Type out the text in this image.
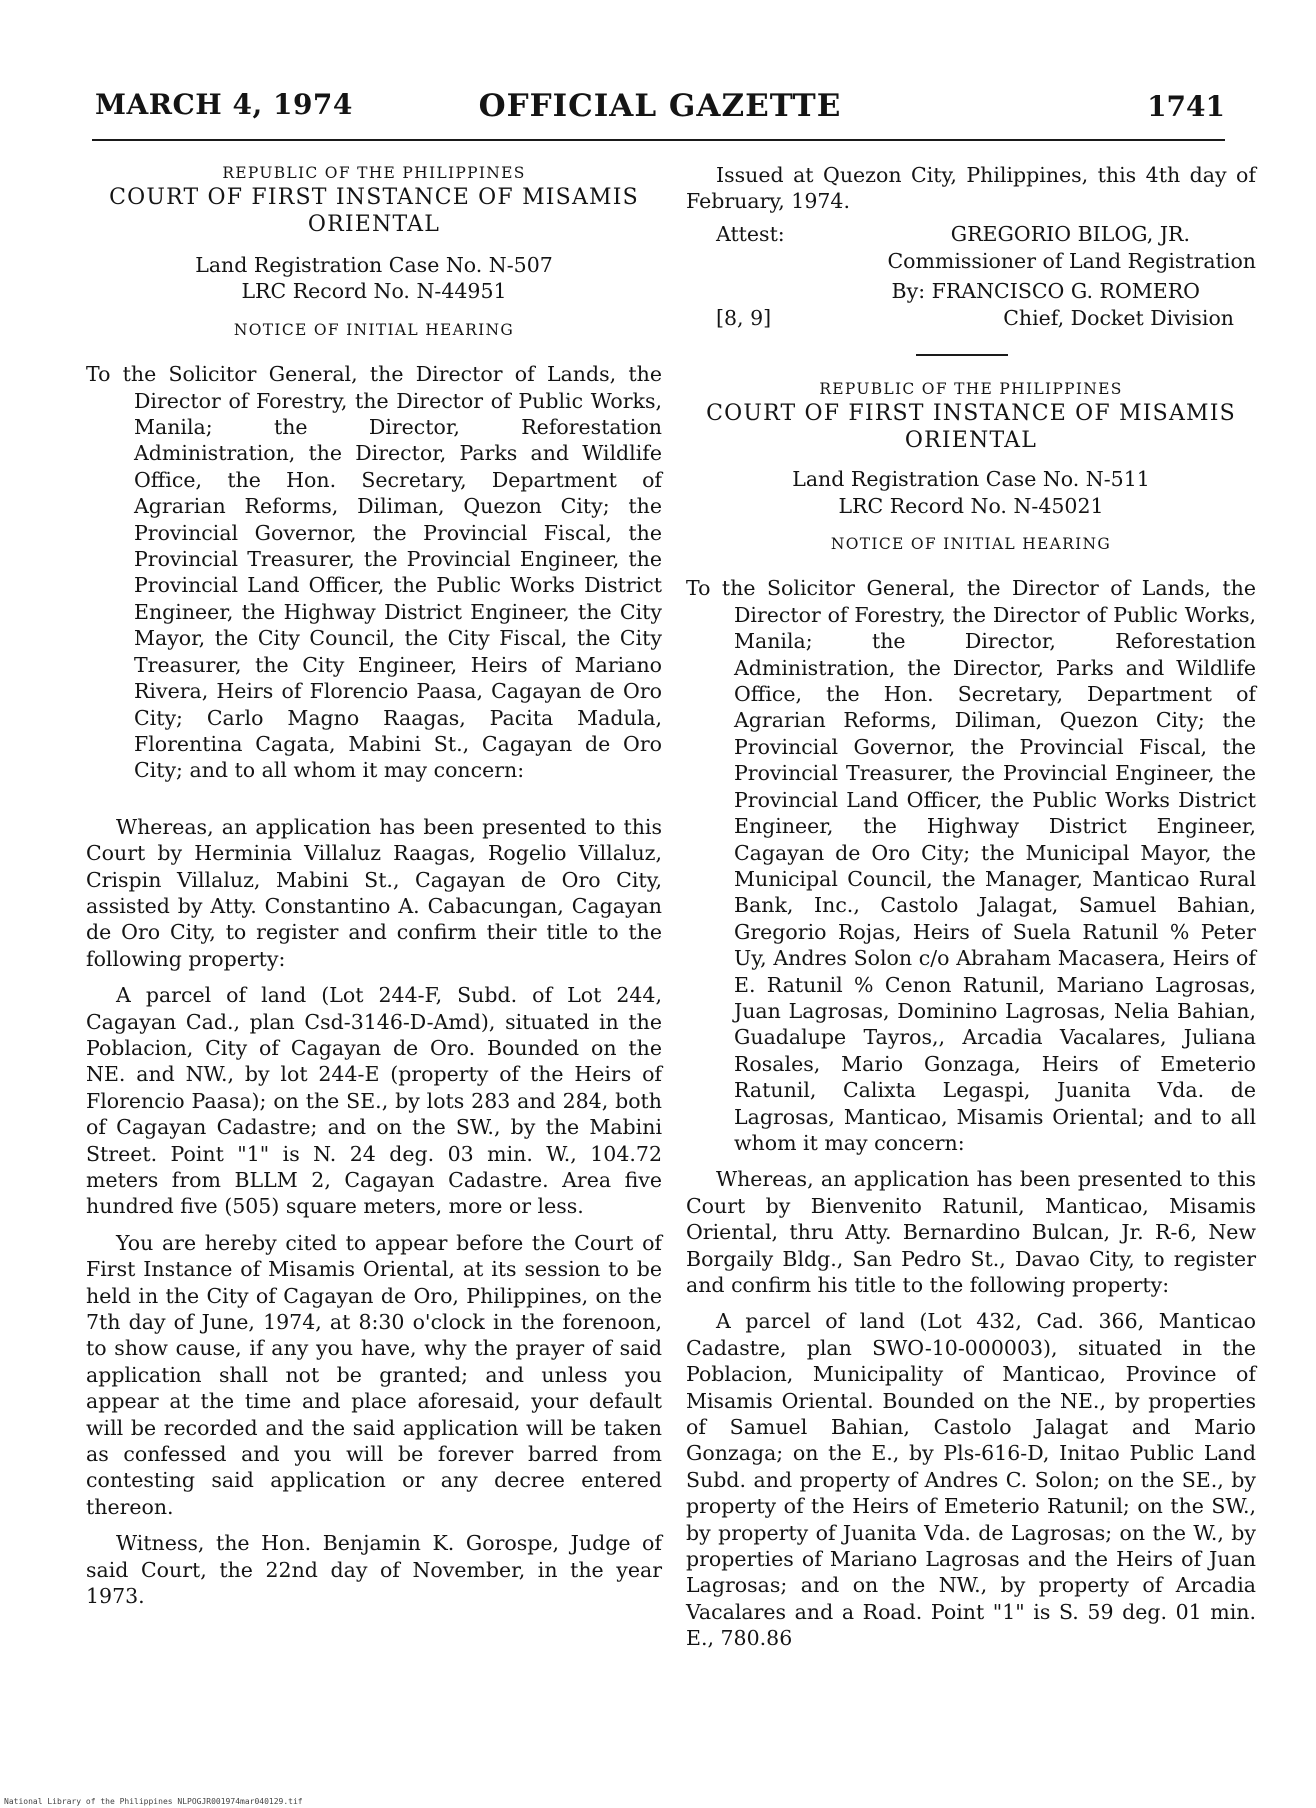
MARCH 4, 1974	OFFICIAL GAZETTE	1741
REPUBLIC OF THE PHILIPPINES
COURT OF FIRST INSTANCE OF MISAMIS ORIENTAL
Land Registration Case No. N-507
LRC Record No. N-44951
NOTICE OF INITIAL HEARING
To the Solicitor General, the Director of Lands, the Director of Forestry, the Director of Public Works, Manila; the Director, Reforestation Administration, the Director, Parks and Wildlife Office, the Hon. Secretary, Department of Agrarian Reforms, Diliman, Quezon City; the Provincial Governor, the Provincial Fiscal, the Provincial Treasurer, the Provincial Engineer, the Provincial Land Officer, the Public Works District Engineer, the Highway District Engineer, the City Mayor, the City Council, the City Fiscal, the City Treasurer, the City Engineer, Heirs of Mariano Rivera, Heirs of Florencio Paasa, Cagayan de Oro City; Carlo Magno Raagas, Pacita Madula, Florentina Cagata, Mabini St., Cagayan de Oro City; and to all whom it may concern:

Whereas, an application has been presented to this Court by Herminia Villaluz Raagas, Rogelio Villaluz, Crispin Villaluz, Mabini St., Cagayan de Oro City, assisted by Atty. Constantino A. Cabacungan, Cagayan de Oro City, to register and confirm their title to the following property:

A parcel of land (Lot 244-F, Subd. of Lot 244, Cagayan Cad., plan Csd-3146-D-Amd), situated in the Poblacion, City of Cagayan de Oro. Bounded on the NE. and NW., by lot 244-E (property of the Heirs of Florencio Paasa); on the SE., by lots 283 and 284, both of Cagayan Cadastre; and on the SW., by the Mabini Street. Point "1" is N. 24 deg. 03 min. W., 104.72 meters from BLLM 2, Cagayan Cadastre. Area five hundred five (505) square meters, more or less.

You are hereby cited to appear before the Court of First Instance of Misamis Oriental, at its session to be held in the City of Cagayan de Oro, Philippines, on the 7th day of June, 1974, at 8:30 o'clock in the forenoon, to show cause, if any you have, why the prayer of said application shall not be granted; and unless you appear at the time and place aforesaid, your default will be recorded and the said application will be taken as confessed and you will be forever barred from contesting said application or any decree entered thereon.

Witness, the Hon. Benjamin K. Gorospe, Judge of said Court, the 22nd day of November, in the year 1973.

Issued at Quezon City, Philippines, this 4th day of February, 1974.
Attest:	GREGORIO BILOG, JR.
Commissioner of Land Registration
By: FRANCISCO G. ROMERO
[8, 9]	Chief, Docket Division
REPUBLIC OF THE PHILIPPINES
COURT OF FIRST INSTANCE OF MISAMIS ORIENTAL
Land Registration Case No. N-511
LRC Record No. N-45021
NOTICE OF INITIAL HEARING
To the Solicitor General, the Director of Lands, the Director of Forestry, the Director of Public Works, Manila; the Director, Reforestation Administration, the Director, Parks and Wildlife Office, the Hon. Secretary, Department of Agrarian Reforms, Diliman, Quezon City; the Provincial Governor, the Provincial Fiscal, the Provincial Treasurer, the Provincial Engineer, the Provincial Land Officer, the Public Works District Engineer, the Highway District Engineer, Cagayan de Oro City; the Municipal Mayor, the Municipal Council, the Manager, Manticao Rural Bank, Inc., Castolo Jalagat, Samuel Bahian, Gregorio Rojas, Heirs of Suela Ratunil % Peter Uy, Andres Solon c/o Abraham Macasera, Heirs of E. Ratunil % Cenon Ratunil, Mariano Lagrosas, Juan Lagrosas, Dominino Lagrosas, Nelia Bahian, Guadalupe Tayros,, Arcadia Vacalares, Juliana Rosales, Mario Gonzaga, Heirs of Emeterio Ratunil, Calixta Legaspi, Juanita Vda. de Lagrosas, Manticao, Misamis Oriental; and to all whom it may concern:

Whereas, an application has been presented to this Court by Bienvenito Ratunil, Manticao, Misamis Oriental, thru Atty. Bernardino Bulcan, Jr. R-6, New Borgaily Bldg., San Pedro St., Davao City, to register and confirm his title to the following property:

A parcel of land (Lot 432, Cad. 366, Manticao Cadastre, plan SWO-10-000003), situated in the Poblacion, Municipality of Manticao, Province of Misamis Oriental. Bounded on the NE., by properties of Samuel Bahian, Castolo Jalagat and Mario Gonzaga; on the E., by Pls-616-D, Initao Public Land Subd. and property of Andres C. Solon; on the SE., by property of the Heirs of Emeterio Ratunil; on the SW., by property of Juanita Vda. de Lagrosas; on the W., by properties of Mariano Lagrosas and the Heirs of Juan Lagrosas; and on the NW., by property of Arcadia Vacalares and a Road. Point "1" is S. 59 deg. 01 min. E., 780.86

National Library of the Philippines NLPOGJR001974mar040129.tif
